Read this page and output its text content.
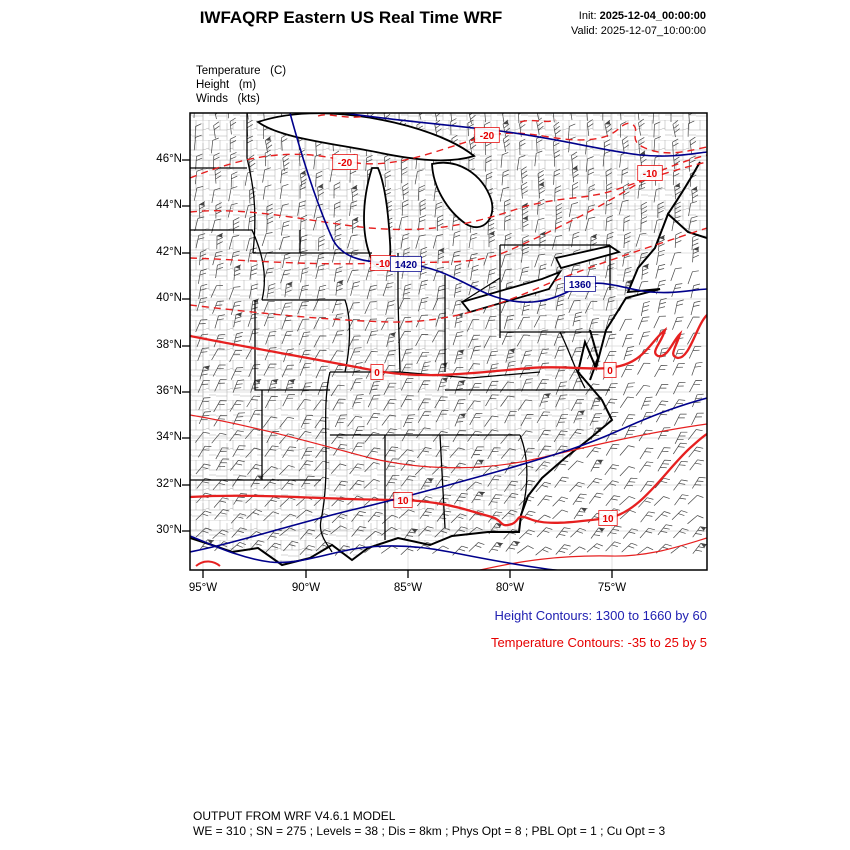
IWFAQRP Eastern US Real Time WRF	Init: 2025-12-04_00:00:00
Valid: 2025-12-07_10:00:00
Temperature   (C)
Height   (m)
Winds   (kts)
-20
-20
-10
-10
0	0
10
10
1420
1360
46°N
44°N
42°N
40°N
38°N
36°N
34°N
32°N
30°N
95°W	90°W	85°W	80°W	75°W
Height Contours: 1300 to 1660 by 60
Temperature Contours: -35 to 25 by 5
OUTPUT FROM WRF V4.6.1 MODEL
WE = 310 ; SN = 275 ; Levels = 38 ; Dis = 8km ; Phys Opt = 8 ; PBL Opt = 1 ; Cu Opt = 3
